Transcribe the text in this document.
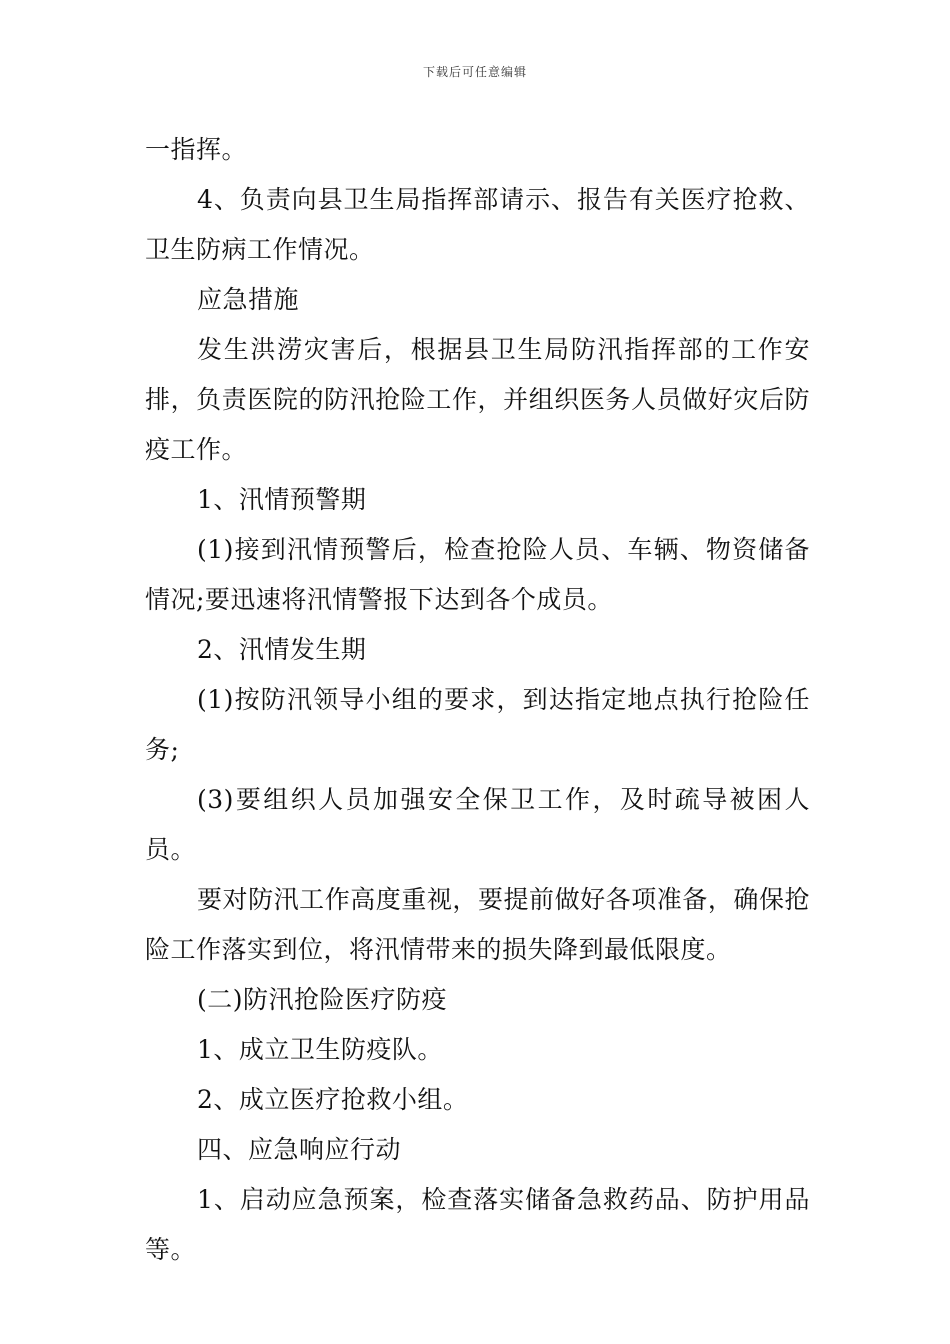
下载后可任意编辑

一指挥。

4、负责向县卫生局指挥部请示、报告有关医疗抢救、卫生防病工作情况。

应急措施

发生洪涝灾害后，根据县卫生局防汛指挥部的工作安排，负责医院的防汛抢险工作，并组织医务人员做好灾后防疫工作。

1、汛情预警期

(1)接到汛情预警后，检查抢险人员、车辆、物资储备情况;要迅速将汛情警报下达到各个成员。

2、汛情发生期

(1)按防汛领导小组的要求，到达指定地点执行抢险任务;

(3)要组织人员加强安全保卫工作，及时疏导被困人员。

要对防汛工作高度重视，要提前做好各项准备，确保抢险工作落实到位，将汛情带来的损失降到最低限度。

(二)防汛抢险医疗防疫

1、成立卫生防疫队。

2、成立医疗抢救小组。

四、应急响应行动

1、启动应急预案，检查落实储备急救药品、防护用品等。
